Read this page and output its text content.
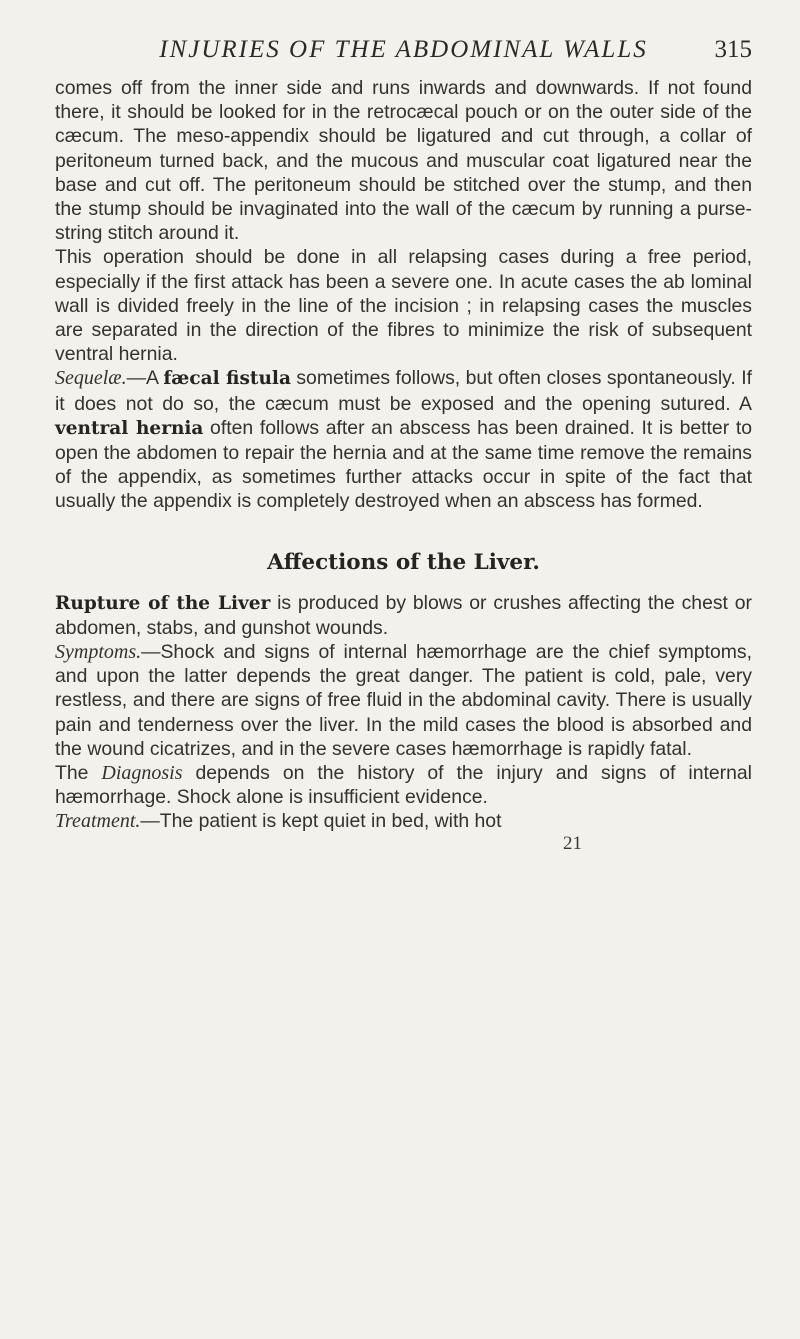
INJURIES OF THE ABDOMINAL WALLS	315

comes off from the inner side and runs inwards and downwards. If not found there, it should be looked for in the retrocæcal pouch or on the outer side of the cæcum. The meso-appendix should be ligatured and cut through, a collar of peritoneum turned back, and the mucous and muscular coat ligatured near the base and cut off. The peritoneum should be stitched over the stump, and then the stump should be invaginated into the wall of the cæcum by running a purse-string stitch around it.

This operation should be done in all relapsing cases during a free period, especially if the first attack has been a severe one. In acute cases the ab lominal wall is divided freely in the line of the incision ; in relapsing cases the muscles are separated in the direction of the fibres to minimize the risk of subsequent ventral hernia.

Sequelæ.—A fæcal fistula sometimes follows, but often closes spontaneously. If it does not do so, the cæcum must be exposed and the opening sutured. A ventral hernia often follows after an abscess has been drained. It is better to open the abdomen to repair the hernia and at the same time remove the remains of the appendix, as sometimes further attacks occur in spite of the fact that usually the appendix is completely destroyed when an abscess has formed.

Affections of the Liver.

Rupture of the Liver is produced by blows or crushes affecting the chest or abdomen, stabs, and gunshot wounds.

Symptoms.—Shock and signs of internal hæmorrhage are the chief symptoms, and upon the latter depends the great danger. The patient is cold, pale, very restless, and there are signs of free fluid in the abdominal cavity. There is usually pain and tenderness over the liver. In the mild cases the blood is absorbed and the wound cicatrizes, and in the severe cases hæmorrhage is rapidly fatal.

The Diagnosis depends on the history of the injury and signs of internal hæmorrhage. Shock alone is insufficient evidence.

Treatment.—The patient is kept quiet in bed, with hot

21
